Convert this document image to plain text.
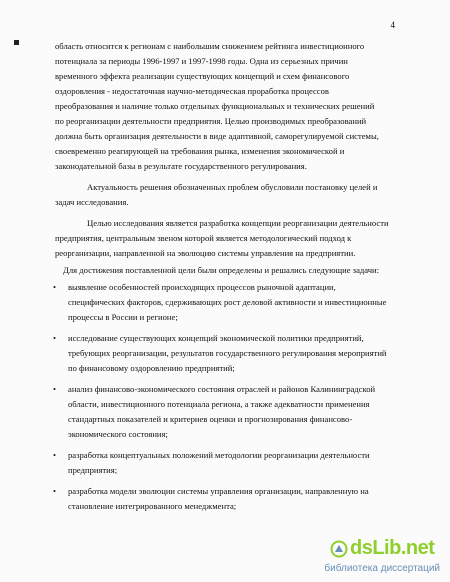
4

область относится к регионам с наибольшим снижением рейтинга инвестиционного
потенциала за периоды 1996-1997 и 1997-1998 годы. Одна из серьезных причин
временного эффекта реализации существующих концепций и схем финансового
оздоровления - недостаточная научно-методическая проработка процессов
преобразования и наличие только отдельных функциональных и технических решений
по реорганизации деятельности предприятия. Целью производимых преобразований
должна быть организация деятельности в виде адаптивной, саморегулируемой системы,
своевременно реагирующей на требования рынка, изменения экономической и
законодательной базы в результате государственного регулирования.

Актуальность решения обозначенных проблем обусловили постановку целей и
задач исследования.

Целью исследования является разработка концепции реорганизации деятельности
предприятия, центральным звеном которой является методологический подход к
реорганизации, направленной на эволюцию системы управления на предприятии.

Для достижения поставленной цели были определены и решались следующие задачи:

• выявление особенностей происходящих процессов рыночной адаптации,
специфических факторов, сдерживающих рост деловой активности и инвестиционные
процессы в России и регионе;
• исследование существующих концепций экономической политики предприятий,
требующих реорганизации, результатов государственного регулирования мероприятий
по финансовому оздоровлению предприятий;
• анализ финансово-экономического состояния отраслей и районов Калининградской
области, инвестиционного потенциала региона, а также адекватности применения
стандартных показателей и критериев оценки и прогнозирования финансово-
экономического состояния;
• разработка концептуальных положений методологии реорганизации деятельности
предприятия;
• разработка модели эволюции системы управления организации, направленную на
становление интегрированного менеджмента;
dsLib.net
библиотека диссертаций
